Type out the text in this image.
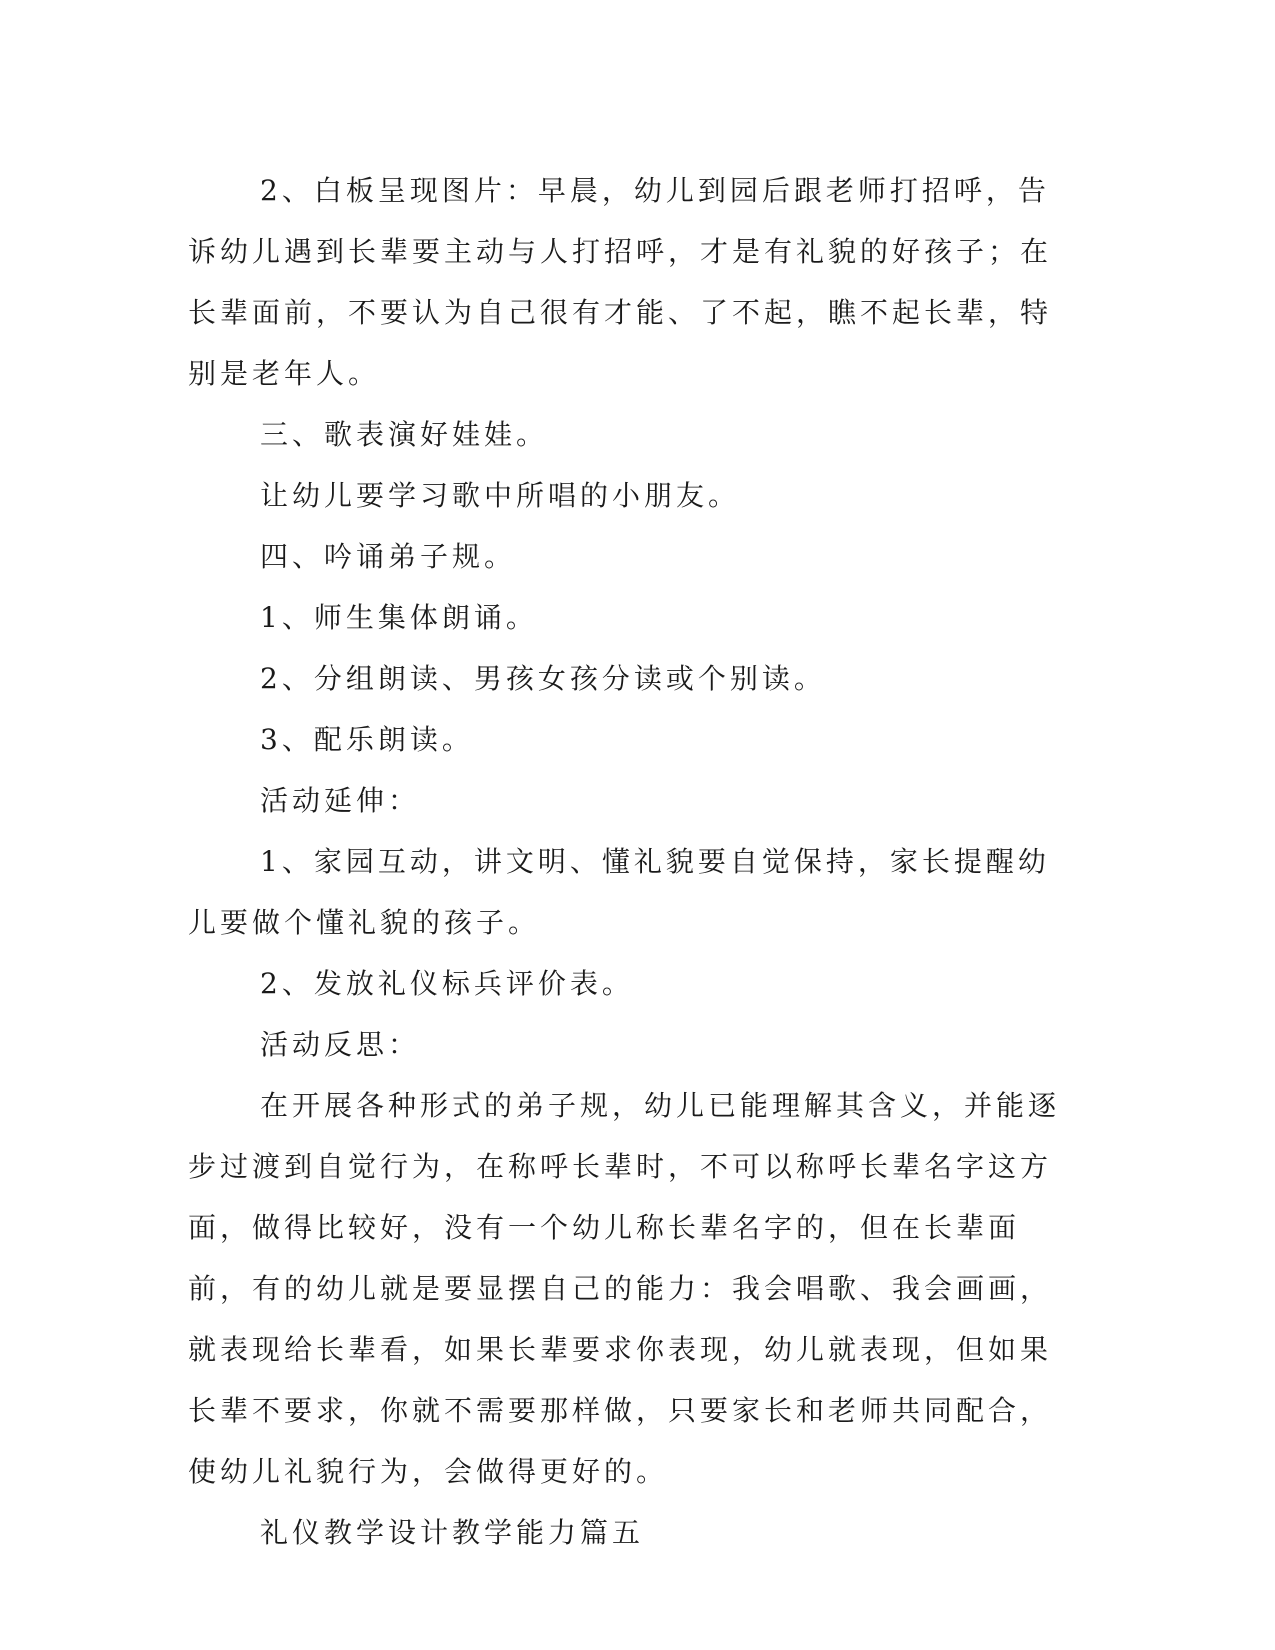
2、白板呈现图片：早晨，幼儿到园后跟老师打招呼，告诉幼儿遇到长辈要主动与人打招呼，才是有礼貌的好孩子；在长辈面前，不要认为自己很有才能、了不起，瞧不起长辈，特别是老年人。

三、歌表演好娃娃。

让幼儿要学习歌中所唱的小朋友。

四、吟诵弟子规。

1、师生集体朗诵。

2、分组朗读、男孩女孩分读或个别读。

3、配乐朗读。

活动延伸：

1、家园互动，讲文明、懂礼貌要自觉保持，家长提醒幼儿要做个懂礼貌的孩子。

2、发放礼仪标兵评价表。

活动反思：

在开展各种形式的弟子规，幼儿已能理解其含义，并能逐步过渡到自觉行为，在称呼长辈时，不可以称呼长辈名字这方面，做得比较好，没有一个幼儿称长辈名字的，但在长辈面前，有的幼儿就是要显摆自己的能力：我会唱歌、我会画画，就表现给长辈看，如果长辈要求你表现，幼儿就表现，但如果长辈不要求，你就不需要那样做，只要家长和老师共同配合，使幼儿礼貌行为，会做得更好的。

礼仪教学设计教学能力篇五
